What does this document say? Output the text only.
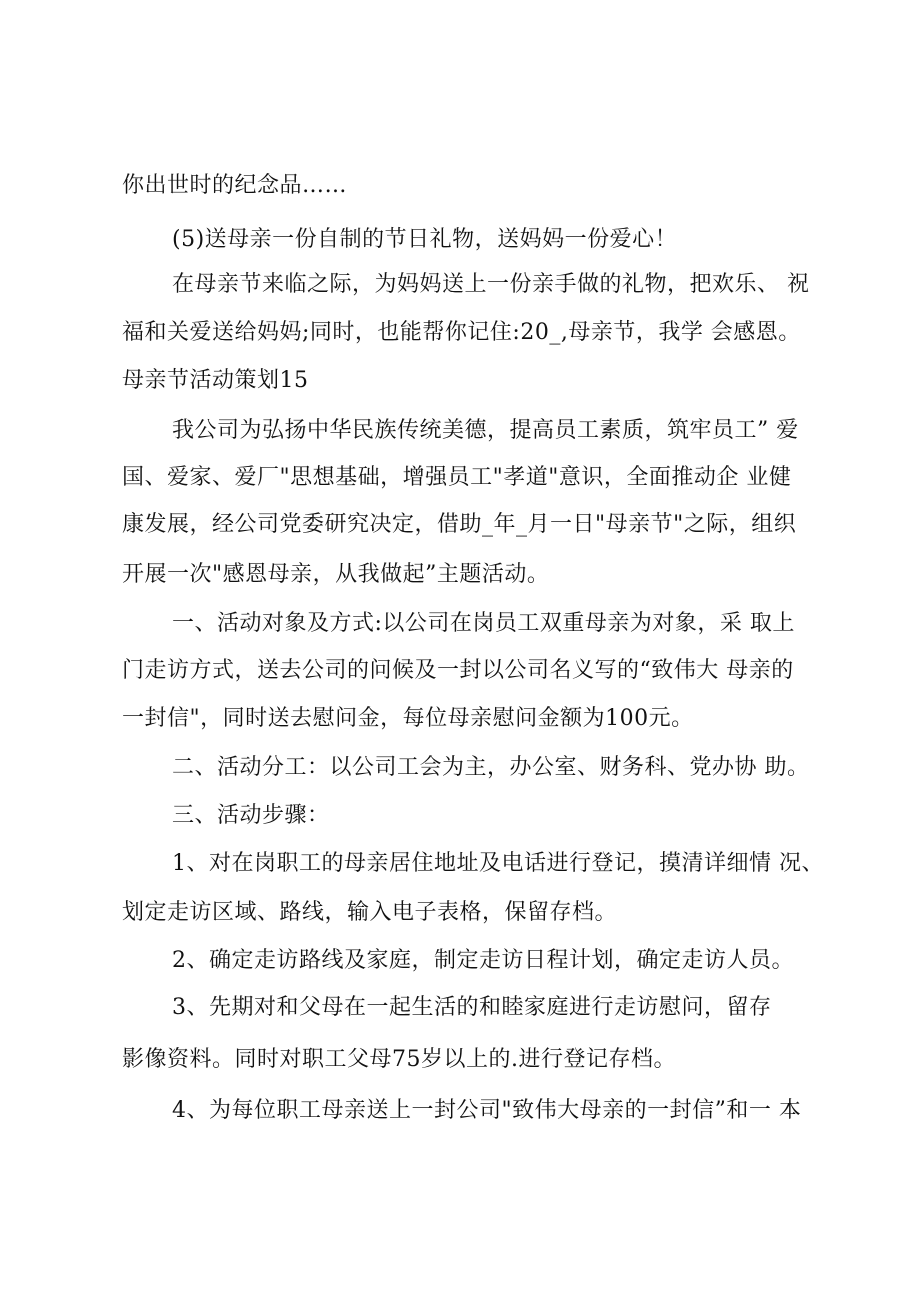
你出世时的纪念品……
(5)送母亲一份自制的节日礼物，送妈妈一份爱心！
在母亲节来临之际，为妈妈送上一份亲手做的礼物，把欢乐、 祝
福和关爱送给妈妈;同时，也能帮你记住:20_,母亲节，我学 会感恩。
母亲节活动策划15
我公司为弘扬中华民族传统美德，提高员工素质，筑牢员工” 爱
国、爱家、爱厂"思想基础，增强员工"孝道"意识，全面推动企 业健
康发展，经公司党委研究决定，借助_年_月一日"母亲节"之际，组织
开展一次"感恩母亲，从我做起”主题活动。
一、活动对象及方式:以公司在岗员工双重母亲为对象，采 取上
门走访方式，送去公司的问候及一封以公司名义写的“致伟大 母亲的
一封信"，同时送去慰问金，每位母亲慰问金额为100元。
二、活动分工：以公司工会为主，办公室、财务科、党办协 助。
三、活动步骤：
1、对在岗职工的母亲居住地址及电话进行登记，摸清详细情 况、
划定走访区域、路线，输入电子表格，保留存档。
2、确定走访路线及家庭，制定走访日程计划，确定走访人员。
3、先期对和父母在一起生活的和睦家庭进行走访慰问，留存
影像资料。同时对职工父母75岁以上的.进行登记存档。
4、为每位职工母亲送上一封公司"致伟大母亲的一封信”和一 本
